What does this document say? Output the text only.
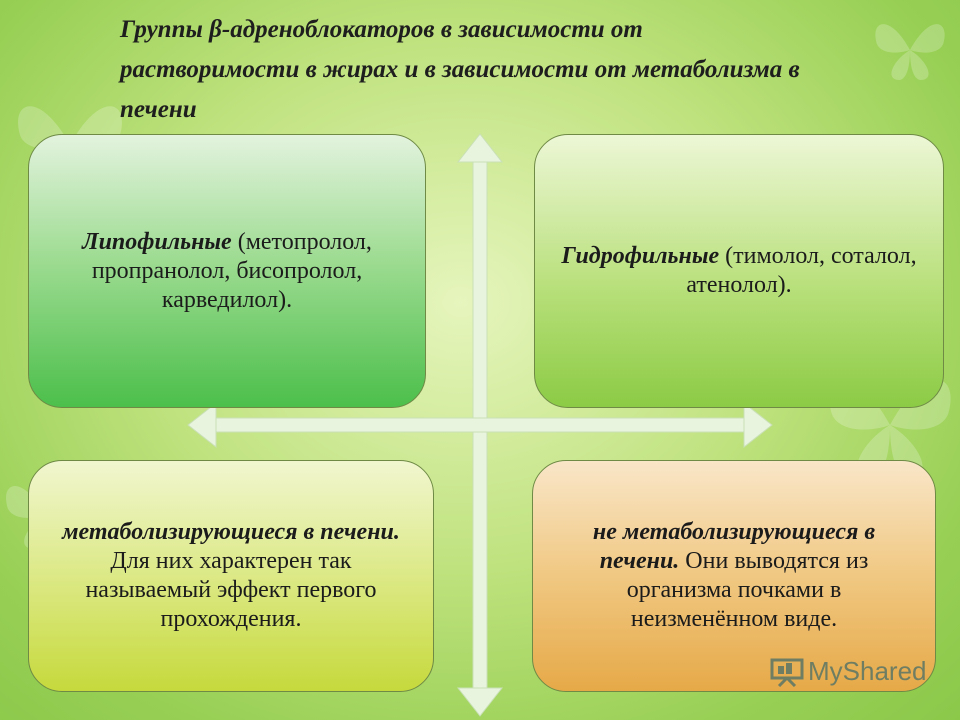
Группы β-адреноблокаторов в зависимости от растворимости в жирах и в зависимости от метаболизма в печени

Липофильные (метопролол, пропранолол, бисопролол, карведилол).

Гидрофильные (тимолол, соталол, атенолол).

метаболизирующиеся в печени. Для них характерен так называемый эффект первого прохождения.

не метаболизирующиеся в печени. Они выводятся из организма почками в неизменённом виде.

MyShared
